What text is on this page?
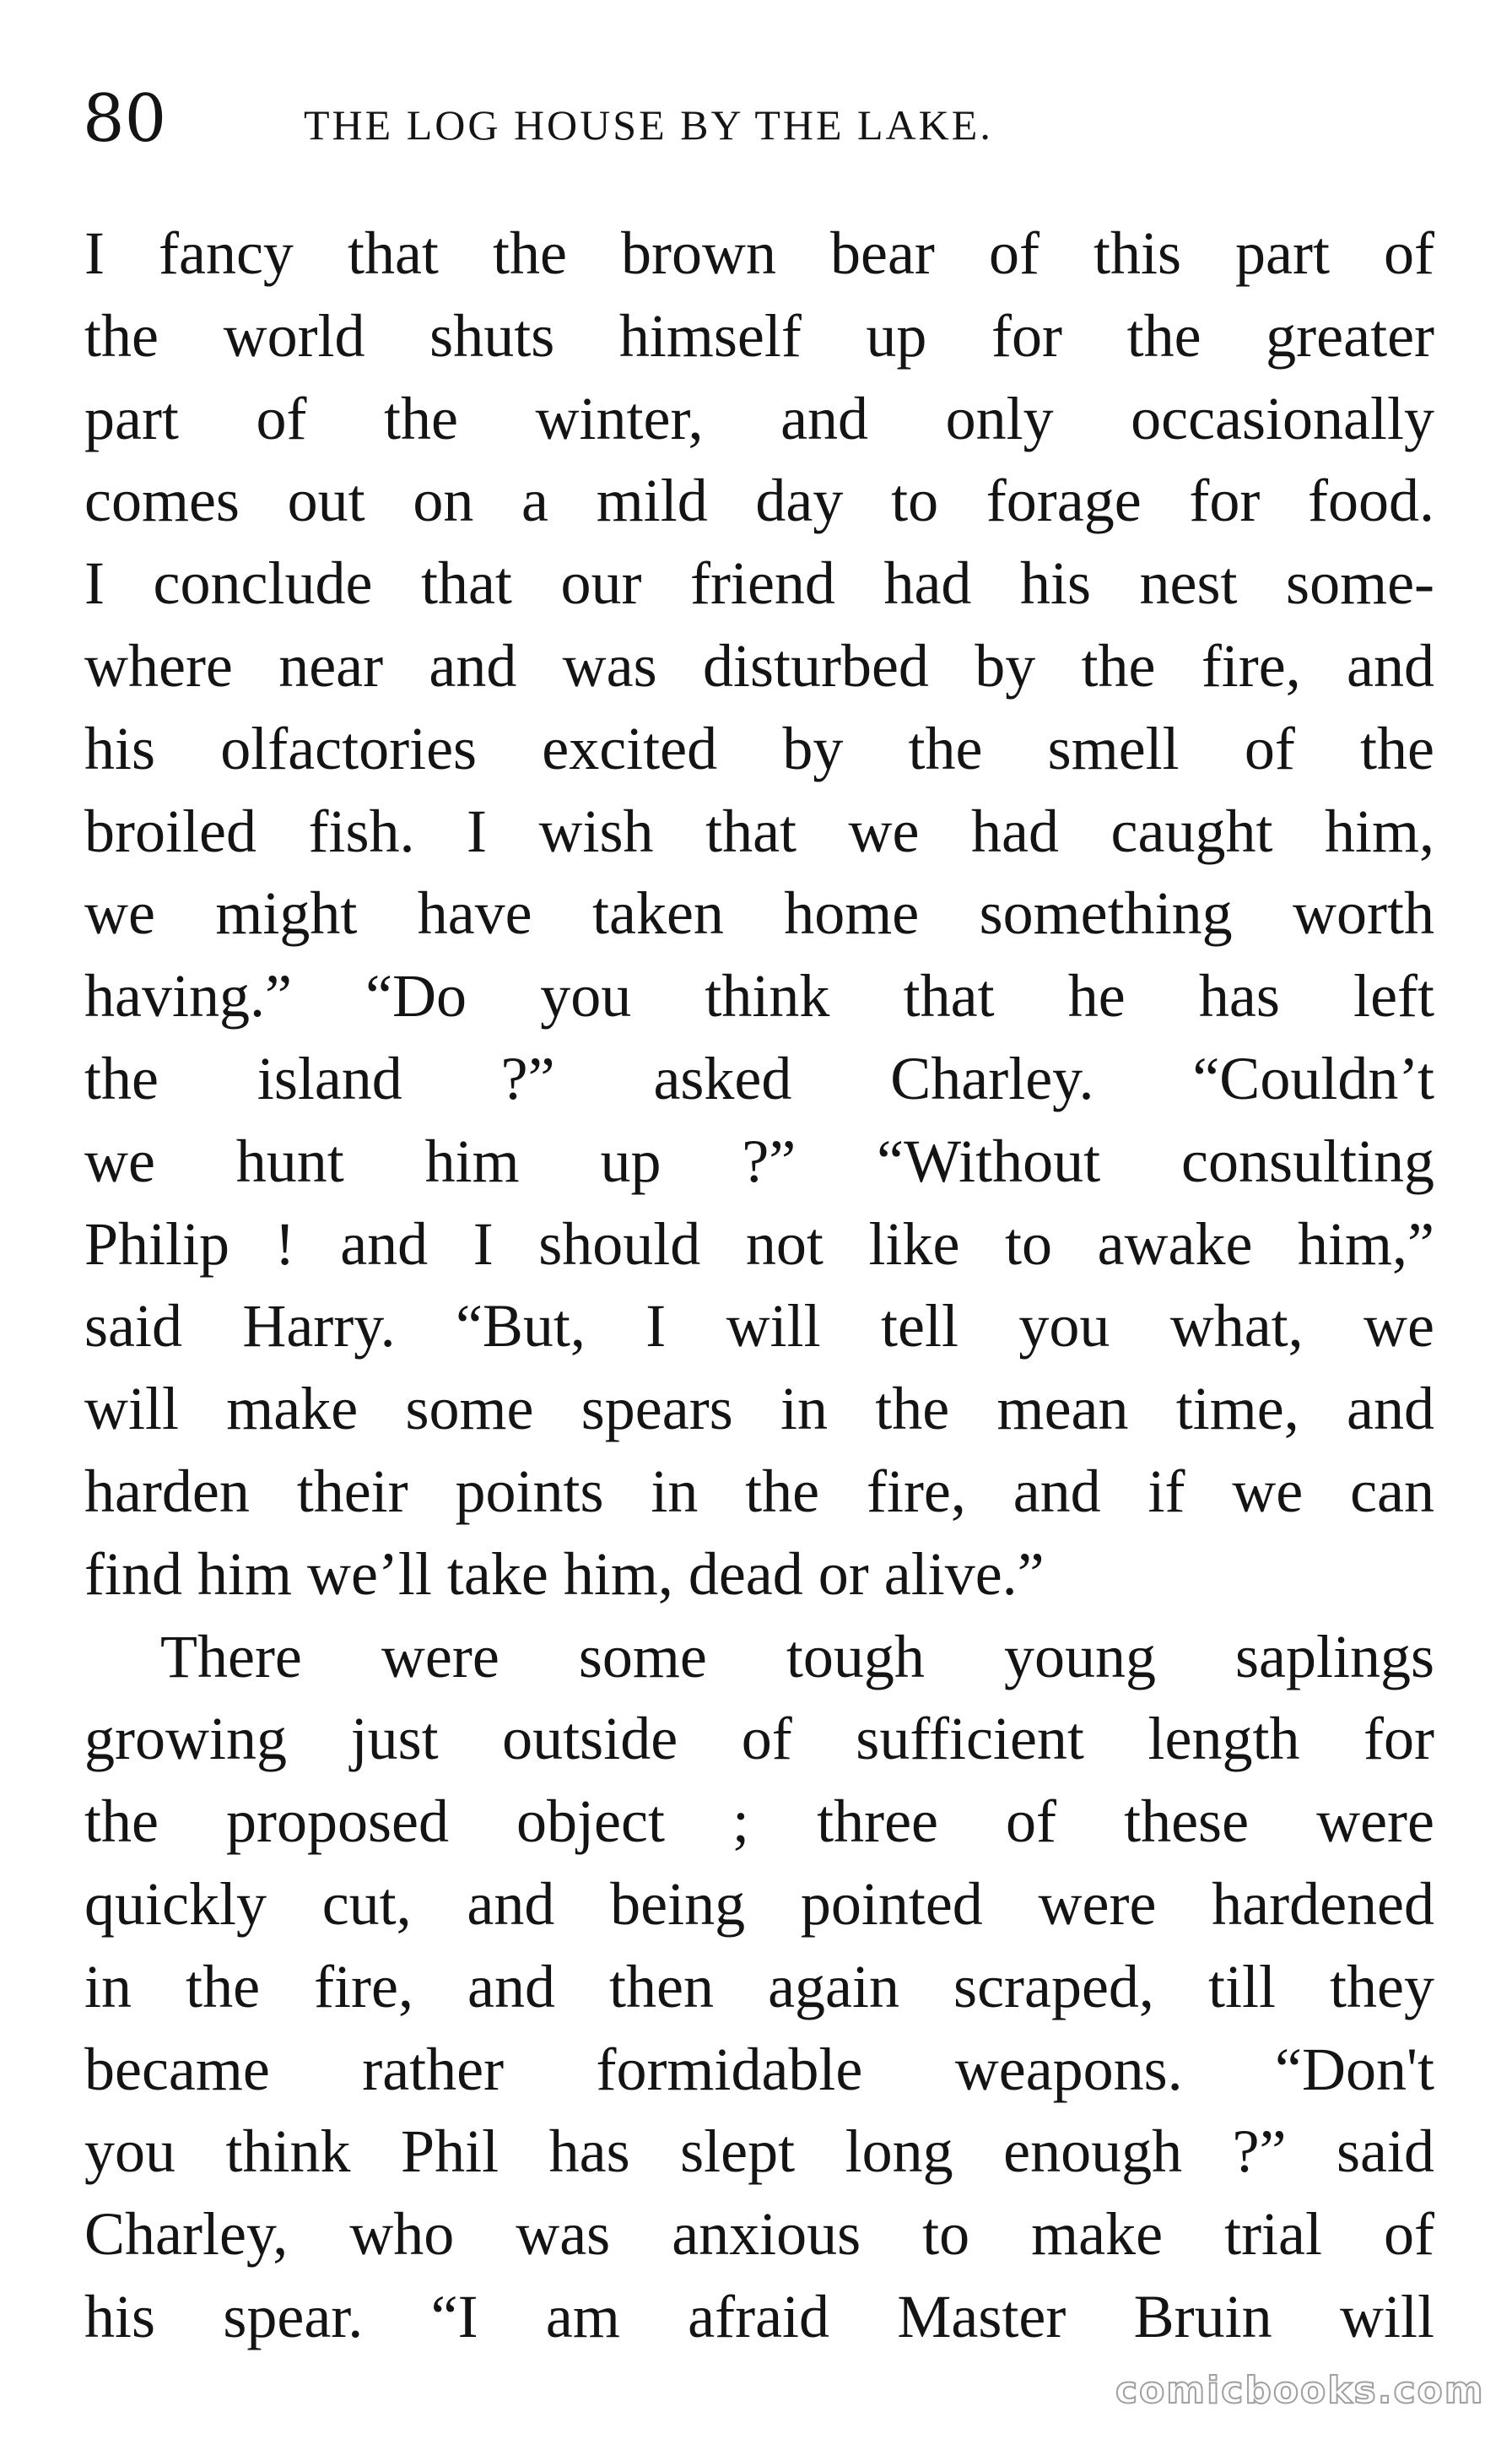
80	THE LOG HOUSE BY THE LAKE.
I fancy that the brown bear of this part of
the world shuts himself up for the greater
part of the winter, and only occasionally
comes out on a mild day to forage for food.
I conclude that our friend had his nest some-
where near and was disturbed by the fire, and
his olfactories excited by the smell of the
broiled fish. I wish that we had caught him,
we might have taken home something worth
having.” “Do you think that he has left
the island ?” asked Charley. “Couldn’t
we hunt him up ?” “Without consulting
Philip ! and I should not like to awake him,”
said Harry. “But, I will tell you what, we
will make some spears in the mean time, and
harden their points in the fire, and if we can
find him we’ll take him, dead or alive.”
There were some tough young saplings
growing just outside of sufficient length for
the proposed object ; three of these were
quickly cut, and being pointed were hardened
in the fire, and then again scraped, till they
became rather formidable weapons. “Don't
you think Phil has slept long enough ?” said
Charley, who was anxious to make trial of
his spear. “I am afraid Master Bruin will
comicbooks.com
